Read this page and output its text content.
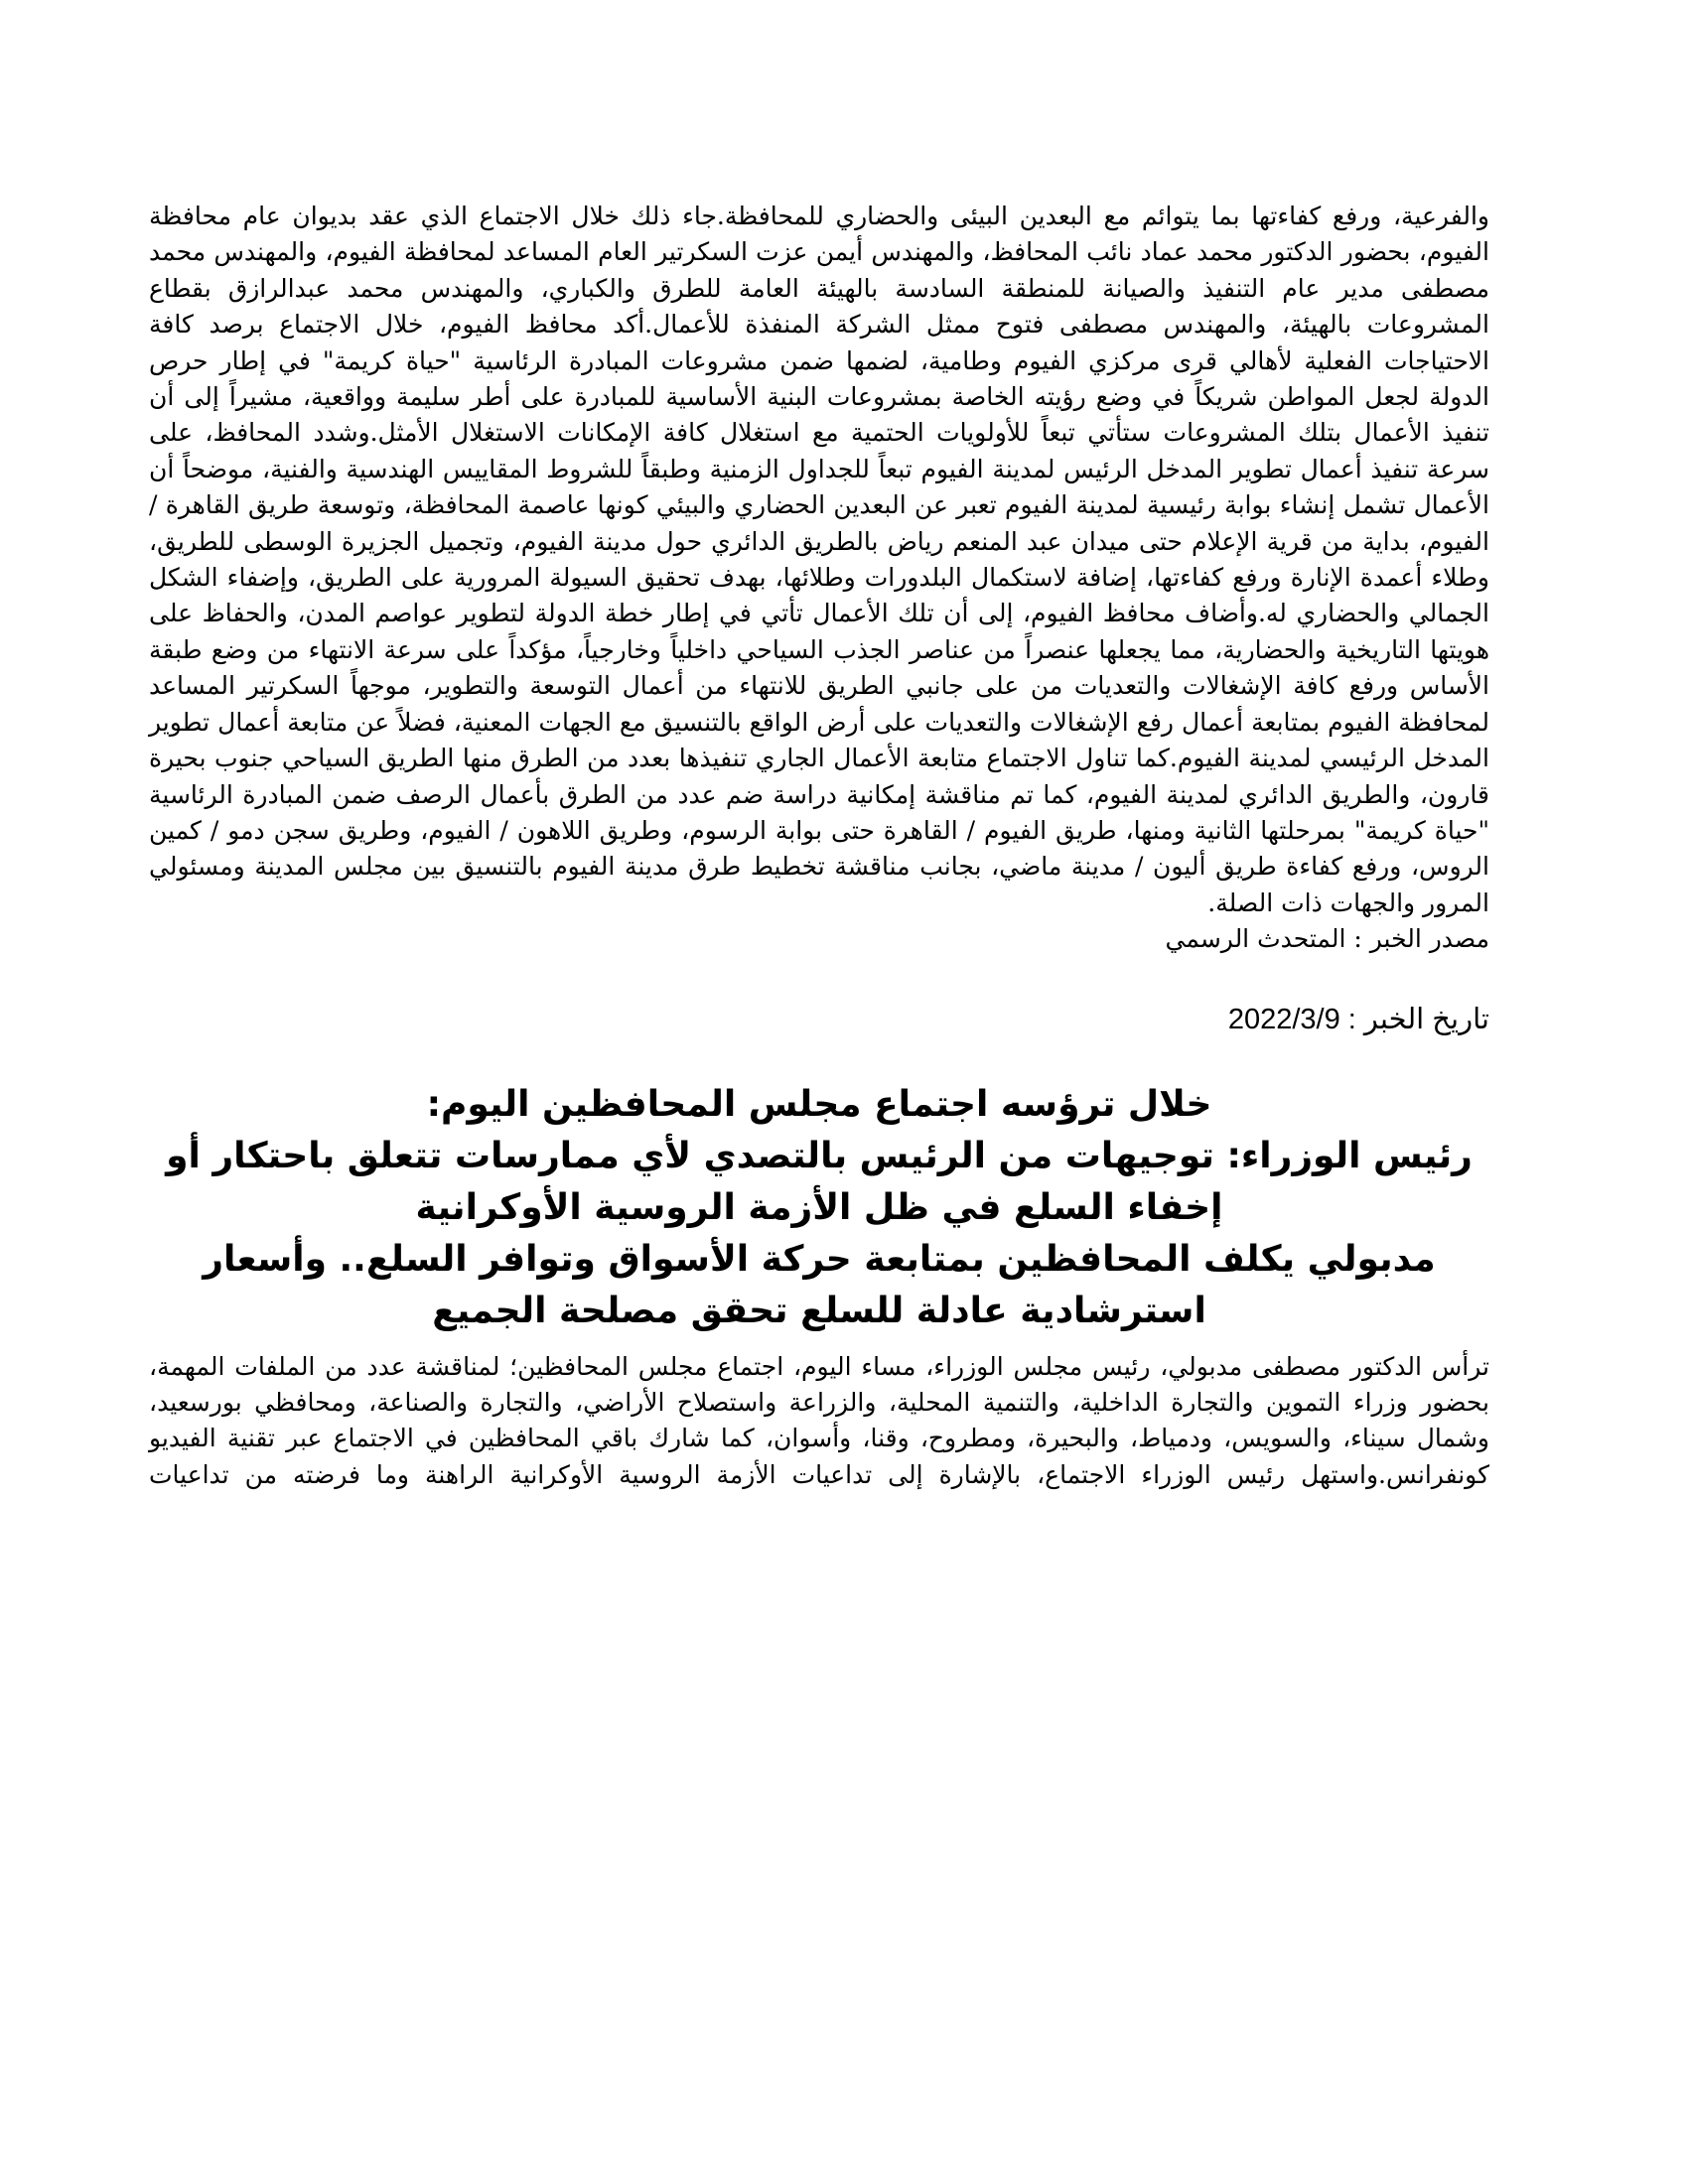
والفرعية، ورفع كفاءتها بما يتوائم مع البعدين البيئى والحضاري للمحافظة.جاء ذلك خلال الاجتماع الذي عقد بديوان عام محافظة الفيوم، بحضور الدكتور محمد عماد نائب المحافظ، والمهندس أيمن عزت السكرتير العام المساعد لمحافظة الفيوم، والمهندس محمد مصطفى مدير عام التنفيذ والصيانة للمنطقة السادسة بالهيئة العامة للطرق والكباري، والمهندس محمد عبدالرازق بقطاع المشروعات بالهيئة، والمهندس مصطفى فتوح ممثل الشركة المنفذة للأعمال.أكد محافظ الفيوم، خلال الاجتماع برصد كافة الاحتياجات الفعلية لأهالي قرى مركزي الفيوم وطامية، لضمها ضمن مشروعات المبادرة الرئاسية "حياة كريمة" في إطار حرص الدولة لجعل المواطن شريكاً في وضع رؤيته الخاصة بمشروعات البنية الأساسية للمبادرة على أطر سليمة وواقعية، مشيراً إلى أن تنفيذ الأعمال بتلك المشروعات ستأتي تبعاً للأولويات الحتمية مع استغلال كافة الإمكانات الاستغلال الأمثل.وشدد المحافظ، على سرعة تنفيذ أعمال تطوير المدخل الرئيس لمدينة الفيوم تبعاً للجداول الزمنية وطبقاً للشروط المقاييس الهندسية والفنية، موضحاً أن الأعمال تشمل إنشاء بوابة رئيسية لمدينة الفيوم تعبر عن البعدين الحضاري والبيئي كونها عاصمة المحافظة، وتوسعة طريق القاهرة / الفيوم، بداية من قرية الإعلام حتى ميدان عبد المنعم رياض بالطريق الدائري حول مدينة الفيوم، وتجميل الجزيرة الوسطى للطريق، وطلاء أعمدة الإنارة ورفع كفاءتها، إضافة لاستكمال البلدورات وطلائها، بهدف تحقيق السيولة المرورية على الطريق، وإضفاء الشكل الجمالي والحضاري له.وأضاف محافظ الفيوم، إلى أن تلك الأعمال تأتي في إطار خطة الدولة لتطوير عواصم المدن، والحفاظ على هويتها التاريخية والحضارية، مما يجعلها عنصراً من عناصر الجذب السياحي داخلياً وخارجياً، مؤكداً على سرعة الانتهاء من وضع طبقة الأساس ورفع كافة الإشغالات والتعديات من على جانبي الطريق للانتهاء من أعمال التوسعة والتطوير، موجهاً السكرتير المساعد لمحافظة الفيوم بمتابعة أعمال رفع الإشغالات والتعديات على أرض الواقع بالتنسيق مع الجهات المعنية، فضلاً عن متابعة أعمال تطوير المدخل الرئيسي لمدينة الفيوم.كما تناول الاجتماع متابعة الأعمال الجاري تنفيذها بعدد من الطرق منها الطريق السياحي جنوب بحيرة قارون، والطريق الدائري لمدينة الفيوم، كما تم مناقشة إمكانية دراسة ضم عدد من الطرق بأعمال الرصف ضمن المبادرة الرئاسية "حياة كريمة" بمرحلتها الثانية ومنها، طريق الفيوم / القاهرة حتى بوابة الرسوم، وطريق اللاهون / الفيوم، وطريق سجن دمو / كمين الروس، ورفع كفاءة طريق أليون / مدينة ماضي، بجانب مناقشة تخطيط طرق مدينة الفيوم بالتنسيق بين مجلس المدينة ومسئولي المرور والجهات ذات الصلة.

مصدر الخبر : المتحدث الرسمي

تاريخ الخبر : 2022/3/9

خلال ترؤسه اجتماع مجلس المحافظين اليوم:
رئيس الوزراء: توجيهات من الرئيس بالتصدي لأي ممارسات تتعلق باحتكار أو
إخفاء السلع في ظل الأزمة الروسية الأوكرانية
مدبولي يكلف المحافظين بمتابعة حركة الأسواق وتوافر السلع.. وأسعار
استرشادية عادلة للسلع تحقق مصلحة الجميع

ترأس الدكتور مصطفى مدبولي، رئيس مجلس الوزراء، مساء اليوم، اجتماع مجلس المحافظين؛ لمناقشة عدد من الملفات المهمة، بحضور وزراء التموين والتجارة الداخلية، والتنمية المحلية، والزراعة واستصلاح الأراضي، والتجارة والصناعة، ومحافظي بورسعيد، وشمال سيناء، والسويس، ودمياط، والبحيرة، ومطروح، وقنا، وأسوان، كما شارك باقي المحافظين في الاجتماع عبر تقنية الفيديو كونفرانس.واستهل رئيس الوزراء الاجتماع، بالإشارة إلى تداعيات الأزمة الروسية الأوكرانية الراهنة وما فرضته من تداعيات
